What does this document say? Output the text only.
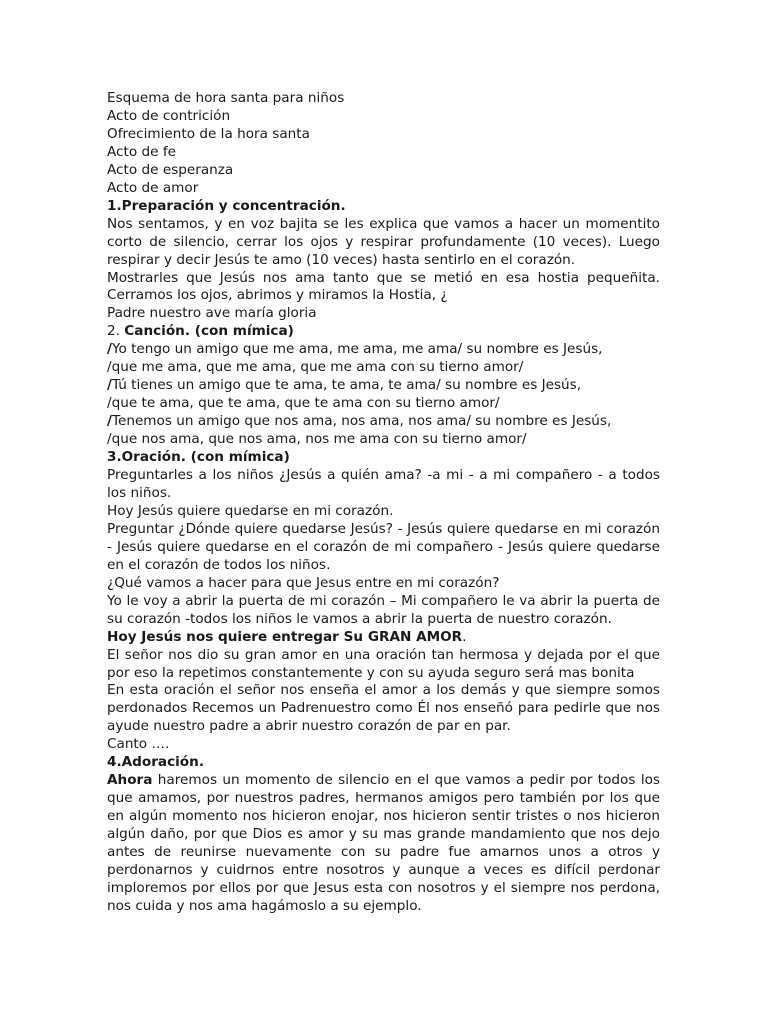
Esquema de hora santa para niños

Acto de contrición

Ofrecimiento de la hora santa

Acto de fe

Acto de esperanza

Acto de amor

1.Preparación y concentración.

Nos sentamos, y en voz bajita se les explica que vamos a hacer un momentito corto de silencio, cerrar los ojos y respirar profundamente (10 veces). Luego respirar y decir Jesús te amo (10 veces) hasta sentirlo en el corazón.

Mostrarles que Jesús nos ama tanto que se metió en esa hostia pequeñita. Cerramos los ojos, abrimos y miramos la Hostia, ¿

Padre nuestro ave maría gloria

2. Canción. (con mímica)

/Yo tengo un amigo que me ama, me ama, me ama/ su nombre es Jesús,

/que me ama, que me ama, que me ama con su tierno amor/

/Tú tienes un amigo que te ama, te ama, te ama/ su nombre es Jesús,

/que te ama, que te ama, que te ama con su tierno amor/

/Tenemos un amigo que nos ama, nos ama, nos ama/ su nombre es Jesús,

/que nos ama, que nos ama, nos me ama con su tierno amor/

3.Oración. (con mímica)

Preguntarles a los niños ¿Jesús a quién ama? -a mi - a mi compañero - a todos los niños.

Hoy Jesús quiere quedarse en mi corazón.

Preguntar ¿Dónde quiere quedarse Jesús? - Jesús quiere quedarse en mi corazón - Jesús quiere quedarse en el corazón de mi compañero - Jesús quiere quedarse en el corazón de todos los niños.

¿Qué vamos a hacer para que Jesus entre en mi corazón?

Yo le voy a abrir la puerta de mi corazón – Mi compañero le va abrir la puerta de su corazón -todos los niños le vamos a abrir la puerta de nuestro corazón.

Hoy Jesús nos quiere entregar Su GRAN AMOR.

El señor nos dio su gran amor en una oración tan hermosa y dejada por el que por eso la repetimos constantemente y con su ayuda seguro será mas bonita

En esta oración el señor nos enseña el amor a los demás y que siempre somos perdonados Recemos un Padrenuestro como Él nos enseñó para pedirle que nos ayude nuestro padre a abrir nuestro corazón de par en par.

Canto ….

4.Adoración.

Ahora haremos un momento de silencio en el que vamos a pedir por todos los que amamos, por nuestros padres, hermanos amigos pero también por los que en algún momento nos hicieron enojar, nos hicieron sentir tristes o nos hicieron algún daño, por que Dios es amor y su mas grande mandamiento que nos dejo antes de reunirse nuevamente con su padre fue amarnos unos a otros y perdonarnos y cuidrnos entre nosotros y aunque a veces es difícil perdonar imploremos por ellos por que Jesus esta con nosotros y el siempre nos perdona, nos cuida y nos ama hagámoslo a su ejemplo.
